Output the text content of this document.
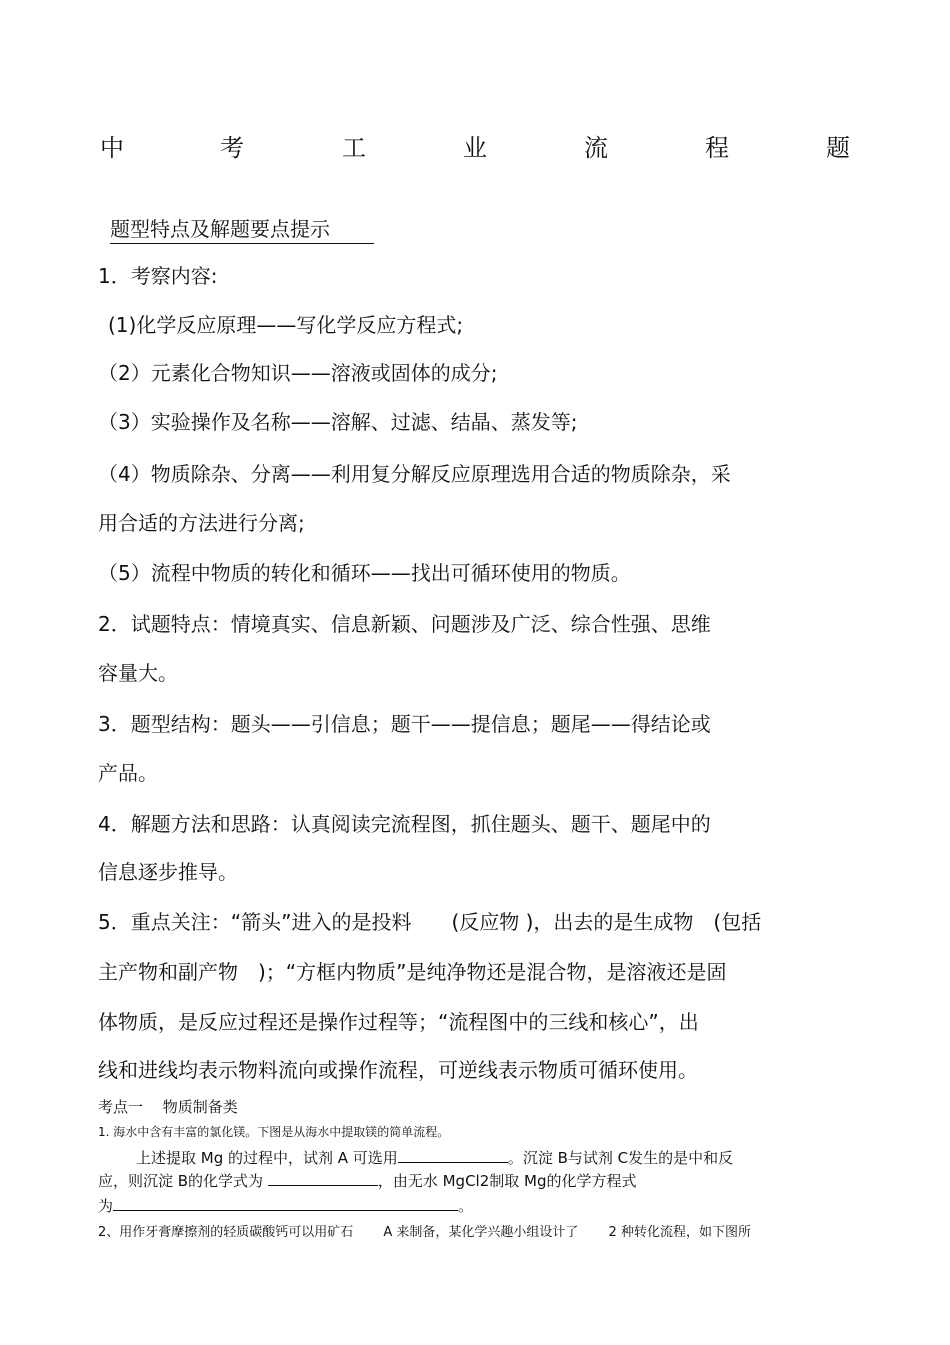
中	考	工	业	流	程	题
题型特点及解题要点提示
1．考察内容:
(1)化学反应原理——写化学反应方程式;
（2）元素化合物知识——溶液或固体的成分;
（3）实验操作及名称——溶解、过滤、结晶、蒸发等;
（4）物质除杂、分离——利用复分解反应原理选用合适的物质除杂，采
用合适的方法进行分离;
（5）流程中物质的转化和循环——找出可循环使用的物质。
2．试题特点：情境真实、信息新颖、问题涉及广泛、综合性强、思维
容量大。
3．题型结构：题头——引信息；题干——提信息；题尾——得结论或
产品。
4．解题方法和思路：认真阅读完流程图，抓住题头、题干、题尾中的
信息逐步推导。
5．重点关注：“箭头”进入的是投料　　(反应物 )，出去的是生成物　(包括
主产物和副产物　)；“方框内物质”是纯净物还是混合物，是溶液还是固
体物质，是反应过程还是操作过程等；“流程图中的三线和核心”，出
线和进线均表示物料流向或操作流程，可逆线表示物质可循环使用。
考点一　 物质制备类
1. 海水中含有丰富的氯化镁。下图是从海水中提取镁的简单流程。
上述提取 Mg 的过程中，试剂 A 可选用	。沉淀 B与试剂 C发生的是中和反
应，则沉淀 B的化学式为	，由无水 MgCl2制取 Mg的化学方程式
为	。
2、用作牙膏摩擦剂的轻质碳酸钙可以用矿石　　 A 来制备，某化学兴趣小组设计了　　 2 种转化流程，如下图所
